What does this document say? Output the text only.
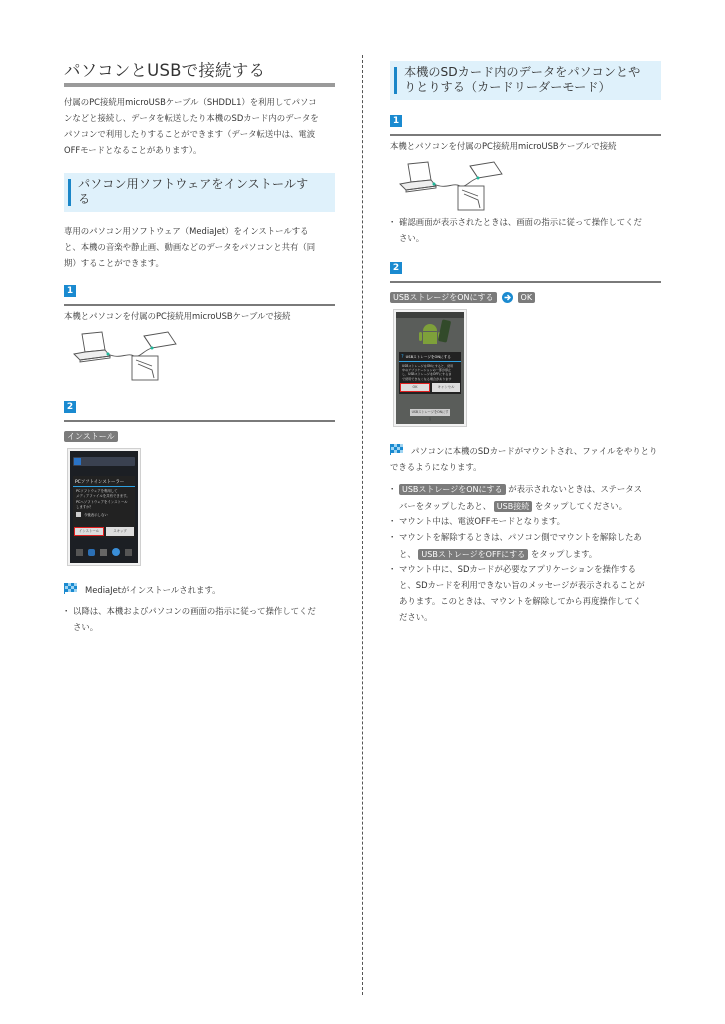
パソコンとUSBで接続する
付属のPC接続用microUSBケーブル（SHDDL1）を利用してパソコ
ンなどと接続し、データを転送したり本機のSDカード内のデータを
パソコンで利用したりすることができます（データ転送中は、電波
OFFモードとなることがあります）。
パソコン用ソフトウェアをインストールす
る
専用のパソコン用ソフトウェア（MediaJet）をインストールする
と、本機の音楽や静止画、動画などのデータをパソコンと共有（同
期）することができます。
1
本機とパソコンを付属のPC接続用microUSBケーブルで接続
2
インストール
PCソフトインストーラー
PCソフトウェアを利用して
メディアファイルを共有できます。
PCへソフトウェアをインストール
しますか？
今後表示しない
インストール	スキップ
MediaJetがインストールされます。
・ 以降は、本機およびパソコンの画面の指示に従って操作してくだ
さい。
本機のSDカード内のデータをパソコンとや
りとりする（カードリーダーモード）
1
本機とパソコンを付属のPC接続用microUSBケーブルで接続
・ 確認画面が表示されたときは、画面の指示に従って操作してくだ
さい。
2
USBストレージをONにする	OK
? USBストレージをONにする
USBストレージをONにすると、使用
中のアプリケーションの一部が停止
し、USBストレージをOFFにするま
で使用できなくなる場合があります
OK	キャンセル
USBストレージをONにする
パソコンに本機のSDカードがマウントされ、ファイルをやりとり
できるようになります。
・ USBストレージをONにする が表示されないときは、ステータス
バーをタップしたあと、 USB接続 をタップしてください。
・ マウント中は、電波OFFモードとなります。
・ マウントを解除するときは、パソコン側でマウントを解除したあ
と、 USBストレージをOFFにする をタップします。
・ マウント中に、SDカードが必要なアプリケーションを操作する
と、SDカードを利用できない旨のメッセージが表示されることが
あります。このときは、マウントを解除してから再度操作してく
ださい。
